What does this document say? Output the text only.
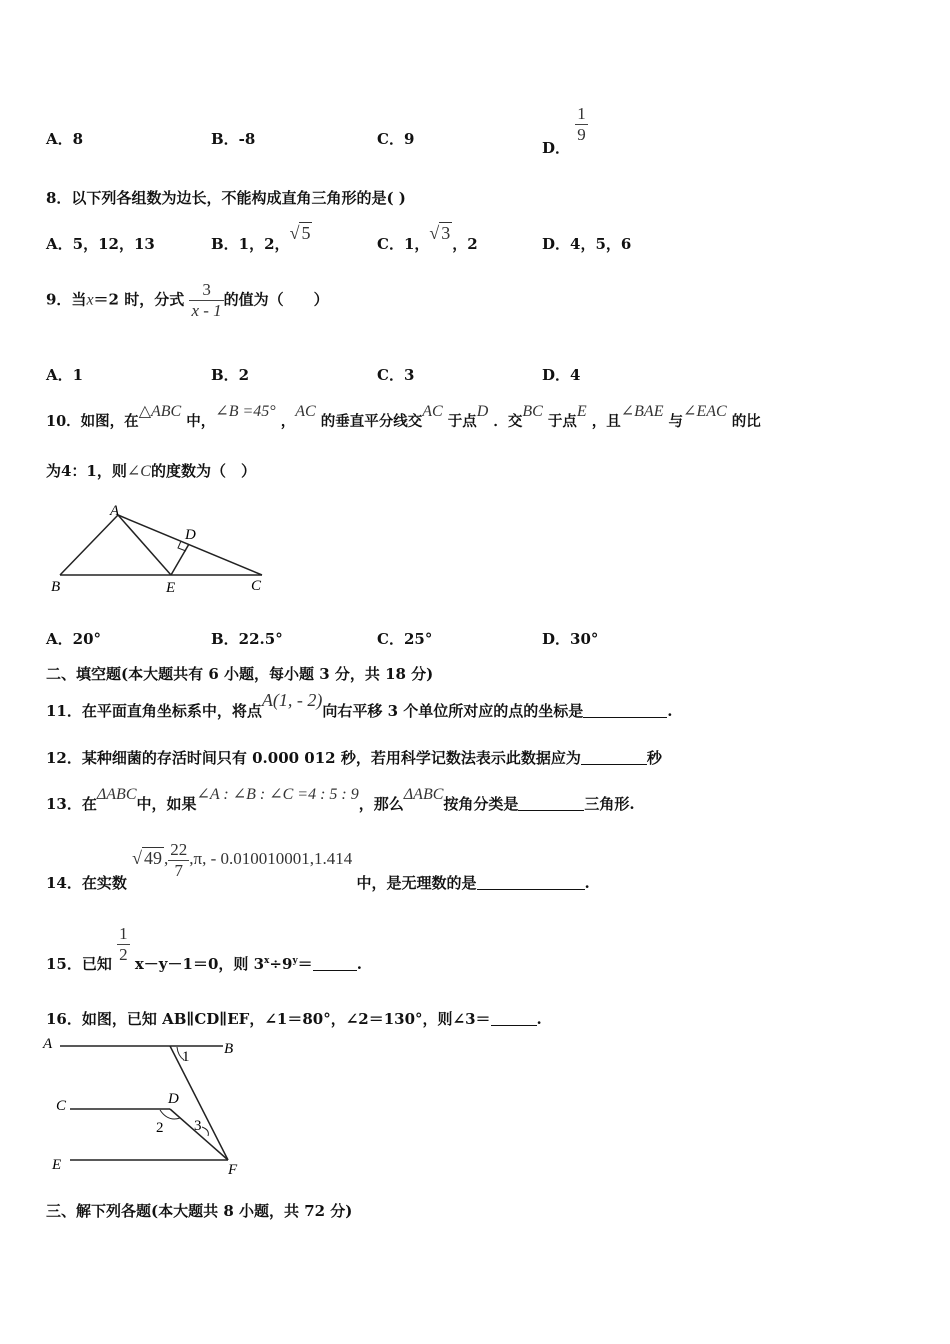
A．8	B．-8	C．9	D．
$\frac{1}{9}$
8．以下列各组数为边长，不能构成直角三角形的是( )
A．5，12，13	B．1，2，√ 5
C．1，√ 3，2	D．4，5，6
9．当x＝2 时，分式 $\frac{3}{x - 1}$ 的值为（　　）
A．1	B．2	C．3	D．4
10．如图，在△ABC 中，∠B =45° ，AC 的垂直平分线交AC 于点D ．交BC 于点E ，且∠BAE 与∠EAC 的比
为4：1，则∠C的度数为（　）
A
B	C
D
E
A．20°	B．22.5°	C．25°	D．30°
二、填空题(本大题共有 6 小题，每小题 3 分，共 18 分)
11．在平面直角坐标系中，将点A(1, - 2)向右平移 3 个单位所对应的点的坐标是	.
12．某种细菌的存活时间只有 0.000 012 秒，若用科学记数法表示此数据应为	秒
13．在ΔABC中，如果∠A : ∠B : ∠C =4 : 5 : 9，那么ΔABC按角分类是	三角形.
14．在实数 √ 49 , $\frac{22}{7} ,\pi$, - 0.010010001,1.414 中，是无理数的是	.
15．已知 $\frac{1}{2} x-y-1=0$，则 $3^x\div 9^y=$	.
16．如图，已知 AB∥CD∥EF，∠1＝80°，∠2＝130°，则∠3＝	.
A	B
C	D
E	F
1
2 3
三、解下列各题(本大题共 8 小题，共 72 分)
